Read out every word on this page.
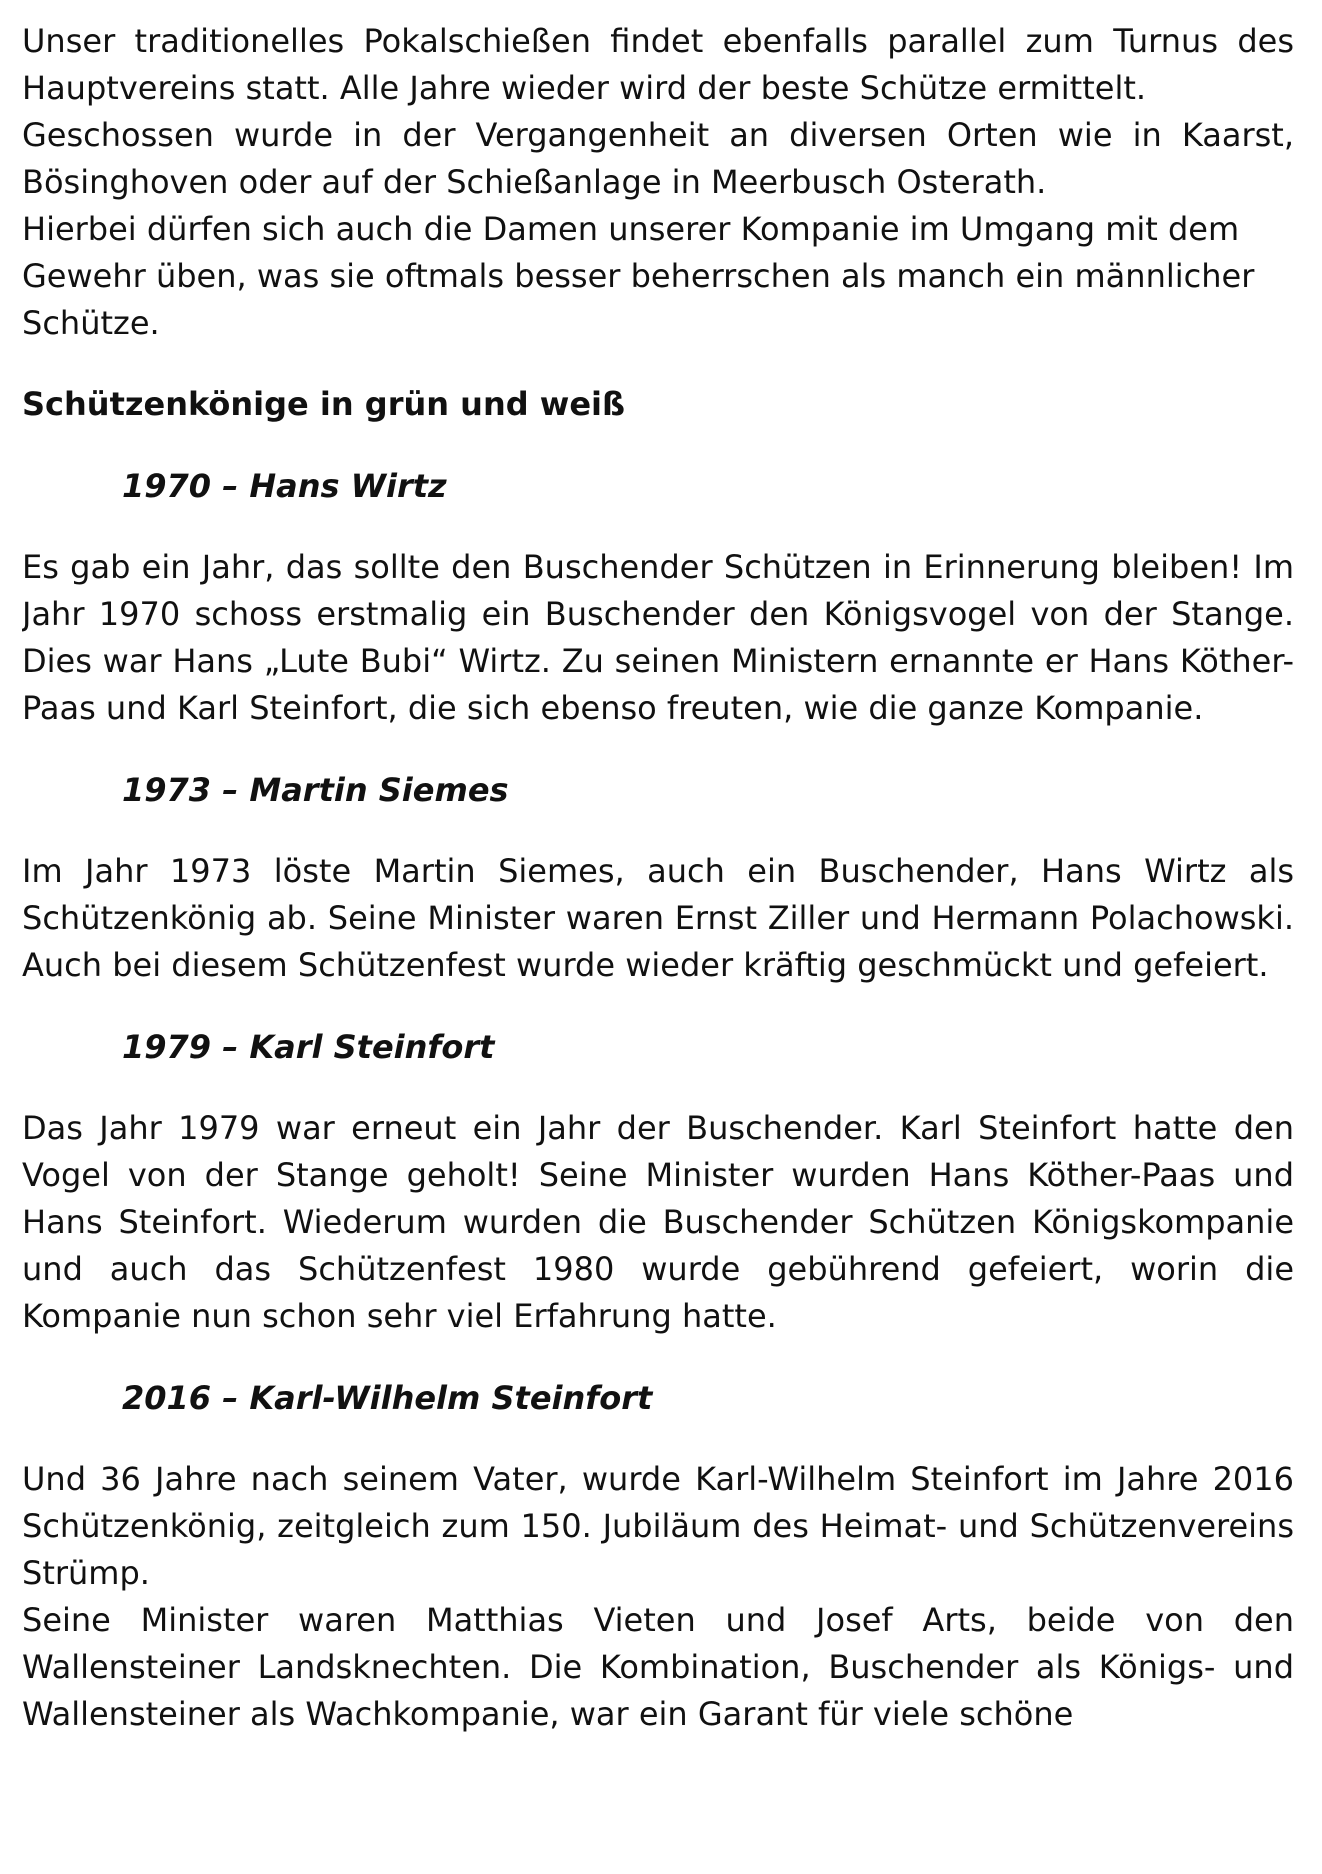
Unser traditionelles Pokalschießen findet ebenfalls parallel zum Turnus des Hauptvereins statt. Alle Jahre wieder wird der beste Schütze ermittelt.

Geschossen wurde in der Vergangenheit an diversen Orten wie in Kaarst, Bösinghoven oder auf der Schießanlage in Meerbusch Osterath.

Hierbei dürfen sich auch die Damen unserer Kompanie im Umgang mit dem Gewehr üben, was sie oftmals besser beherrschen als manch ein männlicher Schütze.

Schützenkönige in grün und weiß
1970 – Hans Wirtz

Es gab ein Jahr, das sollte den Buschender Schützen in Erinnerung bleiben! Im Jahr 1970 schoss erstmalig ein Buschender den Königsvogel von der Stange. Dies war Hans „Lute Bubi“ Wirtz. Zu seinen Ministern ernannte er Hans Köther-Paas und Karl Steinfort, die sich ebenso freuten, wie die ganze Kompanie.

1973 – Martin Siemes

Im Jahr 1973 löste Martin Siemes, auch ein Buschender, Hans Wirtz als Schützenkönig ab. Seine Minister waren Ernst Ziller und Hermann Polachowski. Auch bei diesem Schützenfest wurde wieder kräftig geschmückt und gefeiert.

1979 – Karl Steinfort

Das Jahr 1979 war erneut ein Jahr der Buschender. Karl Steinfort hatte den Vogel von der Stange geholt! Seine Minister wurden Hans Köther-Paas und Hans Steinfort. Wiederum wurden die Buschender Schützen Königskompanie und auch das Schützenfest 1980 wurde gebührend gefeiert, worin die Kompanie nun schon sehr viel Erfahrung hatte.

2016 – Karl-Wilhelm Steinfort

Und 36 Jahre nach seinem Vater, wurde Karl-Wilhelm Steinfort im Jahre 2016 Schützenkönig, zeitgleich zum 150. Jubiläum des Heimat- und Schützenvereins Strümp.

Seine Minister waren Matthias Vieten und Josef Arts, beide von den Wallensteiner Landsknechten. Die Kombination, Buschender als Königs- und Wallensteiner als Wachkompanie, war ein Garant für viele schöne
